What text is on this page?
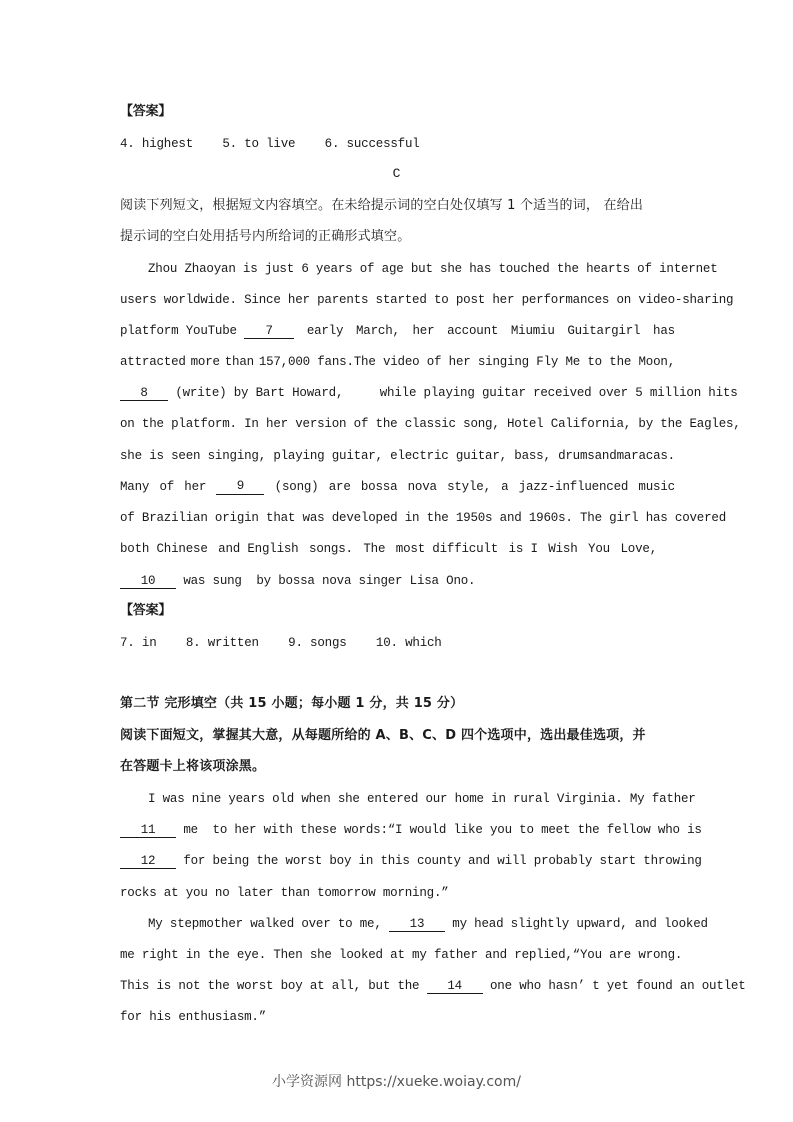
【答案】
4. highest 5. to live 6. successful
C
阅读下列短文，根据短文内容填空。在未给提示词的空白处仅填写 1 个适当的词， 在给出
提示词的空白处用括号内所给词的正确形式填空。
Zhou Zhaoyan is just 6 years of age but she has touched the hearts of internet
users worldwide. Since her parents started to post her performances on video-sharing
platform YouTube 7	early March, her account Miumiu Guitargirl has
attracted more than 157,000 fans.The video of her singing Fly Me to the Moon,
8 (write) by Bart Howard,     while playing guitar received over 5 million hits
on the platform. In her version of the classic song, Hotel California, by the Eagles,
she is seen singing, playing guitar, electric guitar, bass, drums and maracas.
Many of her	9	(song) are bossa nova style, a jazz-influenced music
of Brazilian origin that was developed in the 1950s and 1960s. The girl has covered
both Chinese and English songs. The most difficult is I Wish You Love,
10 was sung  by bossa nova singer Lisa Ono.
【答案】
7. in 8. written 9. songs 10. which
第二节 完形填空（共 15 小题；每小题 1 分，共 15 分）
阅读下面短文，掌握其大意，从每题所给的 A、B、C、D 四个选项中，选出最佳选项，并
在答题卡上将该项涂黑。
I was nine years old when she entered our home in rural Virginia. My father
11 me  to her with these words:“I would like you to meet the fellow who is
12 for being the worst boy in this county and will probably start throwing
rocks at you no later than tomorrow morning.”
My stepmother walked over to me, 13 my head slightly upward, and looked
me right in the eye. Then she looked at my father and replied,“You are wrong.
This is not the worst boy at all, but the 14 one who hasn’ t yet found an outlet
for his enthusiasm.”
小学资源网 https://xueke.woiay.com/
